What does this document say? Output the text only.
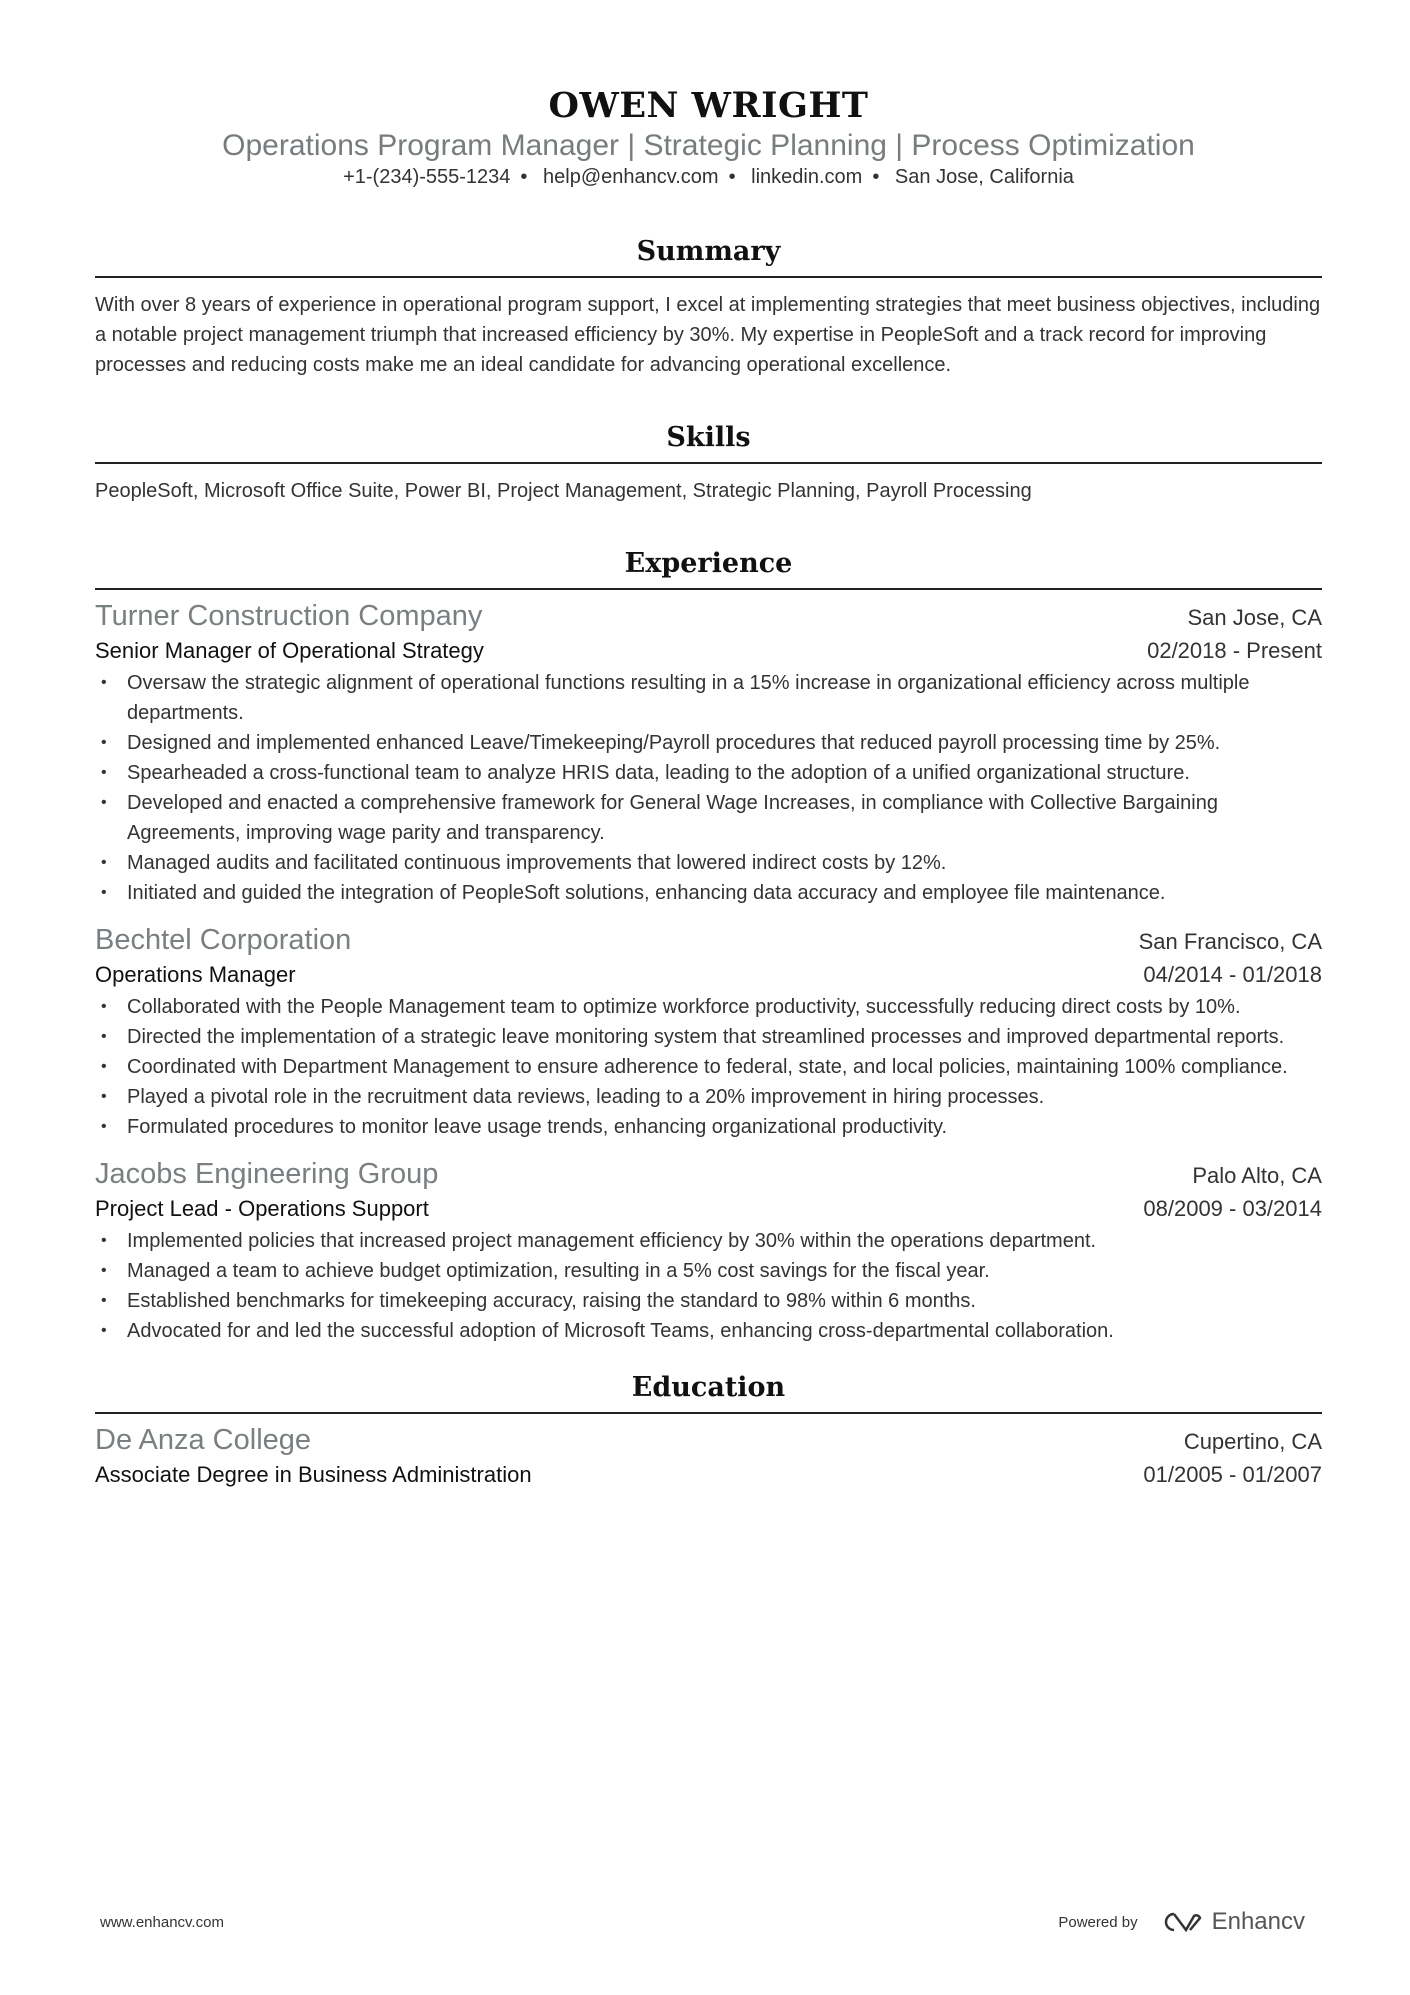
OWEN WRIGHT
Operations Program Manager | Strategic Planning | Process Optimization
+1-(234)-555-1234 • help@enhancv.com • linkedin.com • San Jose, California
Summary
With over 8 years of experience in operational program support, I excel at implementing strategies that meet business objectives, including a notable project management triumph that increased efficiency by 30%. My expertise in PeopleSoft and a track record for improving processes and reducing costs make me an ideal candidate for advancing operational excellence.
Skills
PeopleSoft, Microsoft Office Suite, Power BI, Project Management, Strategic Planning, Payroll Processing
Experience
Turner Construction Company	San Jose, CA
Senior Manager of Operational Strategy	02/2018 - Present
• Oversaw the strategic alignment of operational functions resulting in a 15% increase in organizational efficiency across multiple departments.
• Designed and implemented enhanced Leave/Timekeeping/Payroll procedures that reduced payroll processing time by 25%.
• Spearheaded a cross-functional team to analyze HRIS data, leading to the adoption of a unified organizational structure.
• Developed and enacted a comprehensive framework for General Wage Increases, in compliance with Collective Bargaining Agreements, improving wage parity and transparency.
• Managed audits and facilitated continuous improvements that lowered indirect costs by 12%.
• Initiated and guided the integration of PeopleSoft solutions, enhancing data accuracy and employee file maintenance.
Bechtel Corporation	San Francisco, CA
Operations Manager	04/2014 - 01/2018
• Collaborated with the People Management team to optimize workforce productivity, successfully reducing direct costs by 10%.
• Directed the implementation of a strategic leave monitoring system that streamlined processes and improved departmental reports.
• Coordinated with Department Management to ensure adherence to federal, state, and local policies, maintaining 100% compliance.
• Played a pivotal role in the recruitment data reviews, leading to a 20% improvement in hiring processes.
• Formulated procedures to monitor leave usage trends, enhancing organizational productivity.
Jacobs Engineering Group	Palo Alto, CA
Project Lead - Operations Support	08/2009 - 03/2014
• Implemented policies that increased project management efficiency by 30% within the operations department.
• Managed a team to achieve budget optimization, resulting in a 5% cost savings for the fiscal year.
• Established benchmarks for timekeeping accuracy, raising the standard to 98% within 6 months.
• Advocated for and led the successful adoption of Microsoft Teams, enhancing cross-departmental collaboration.
Education
De Anza College	Cupertino, CA
Associate Degree in Business Administration	01/2005 - 01/2007
www.enhancv.com	Powered by	Enhancv
